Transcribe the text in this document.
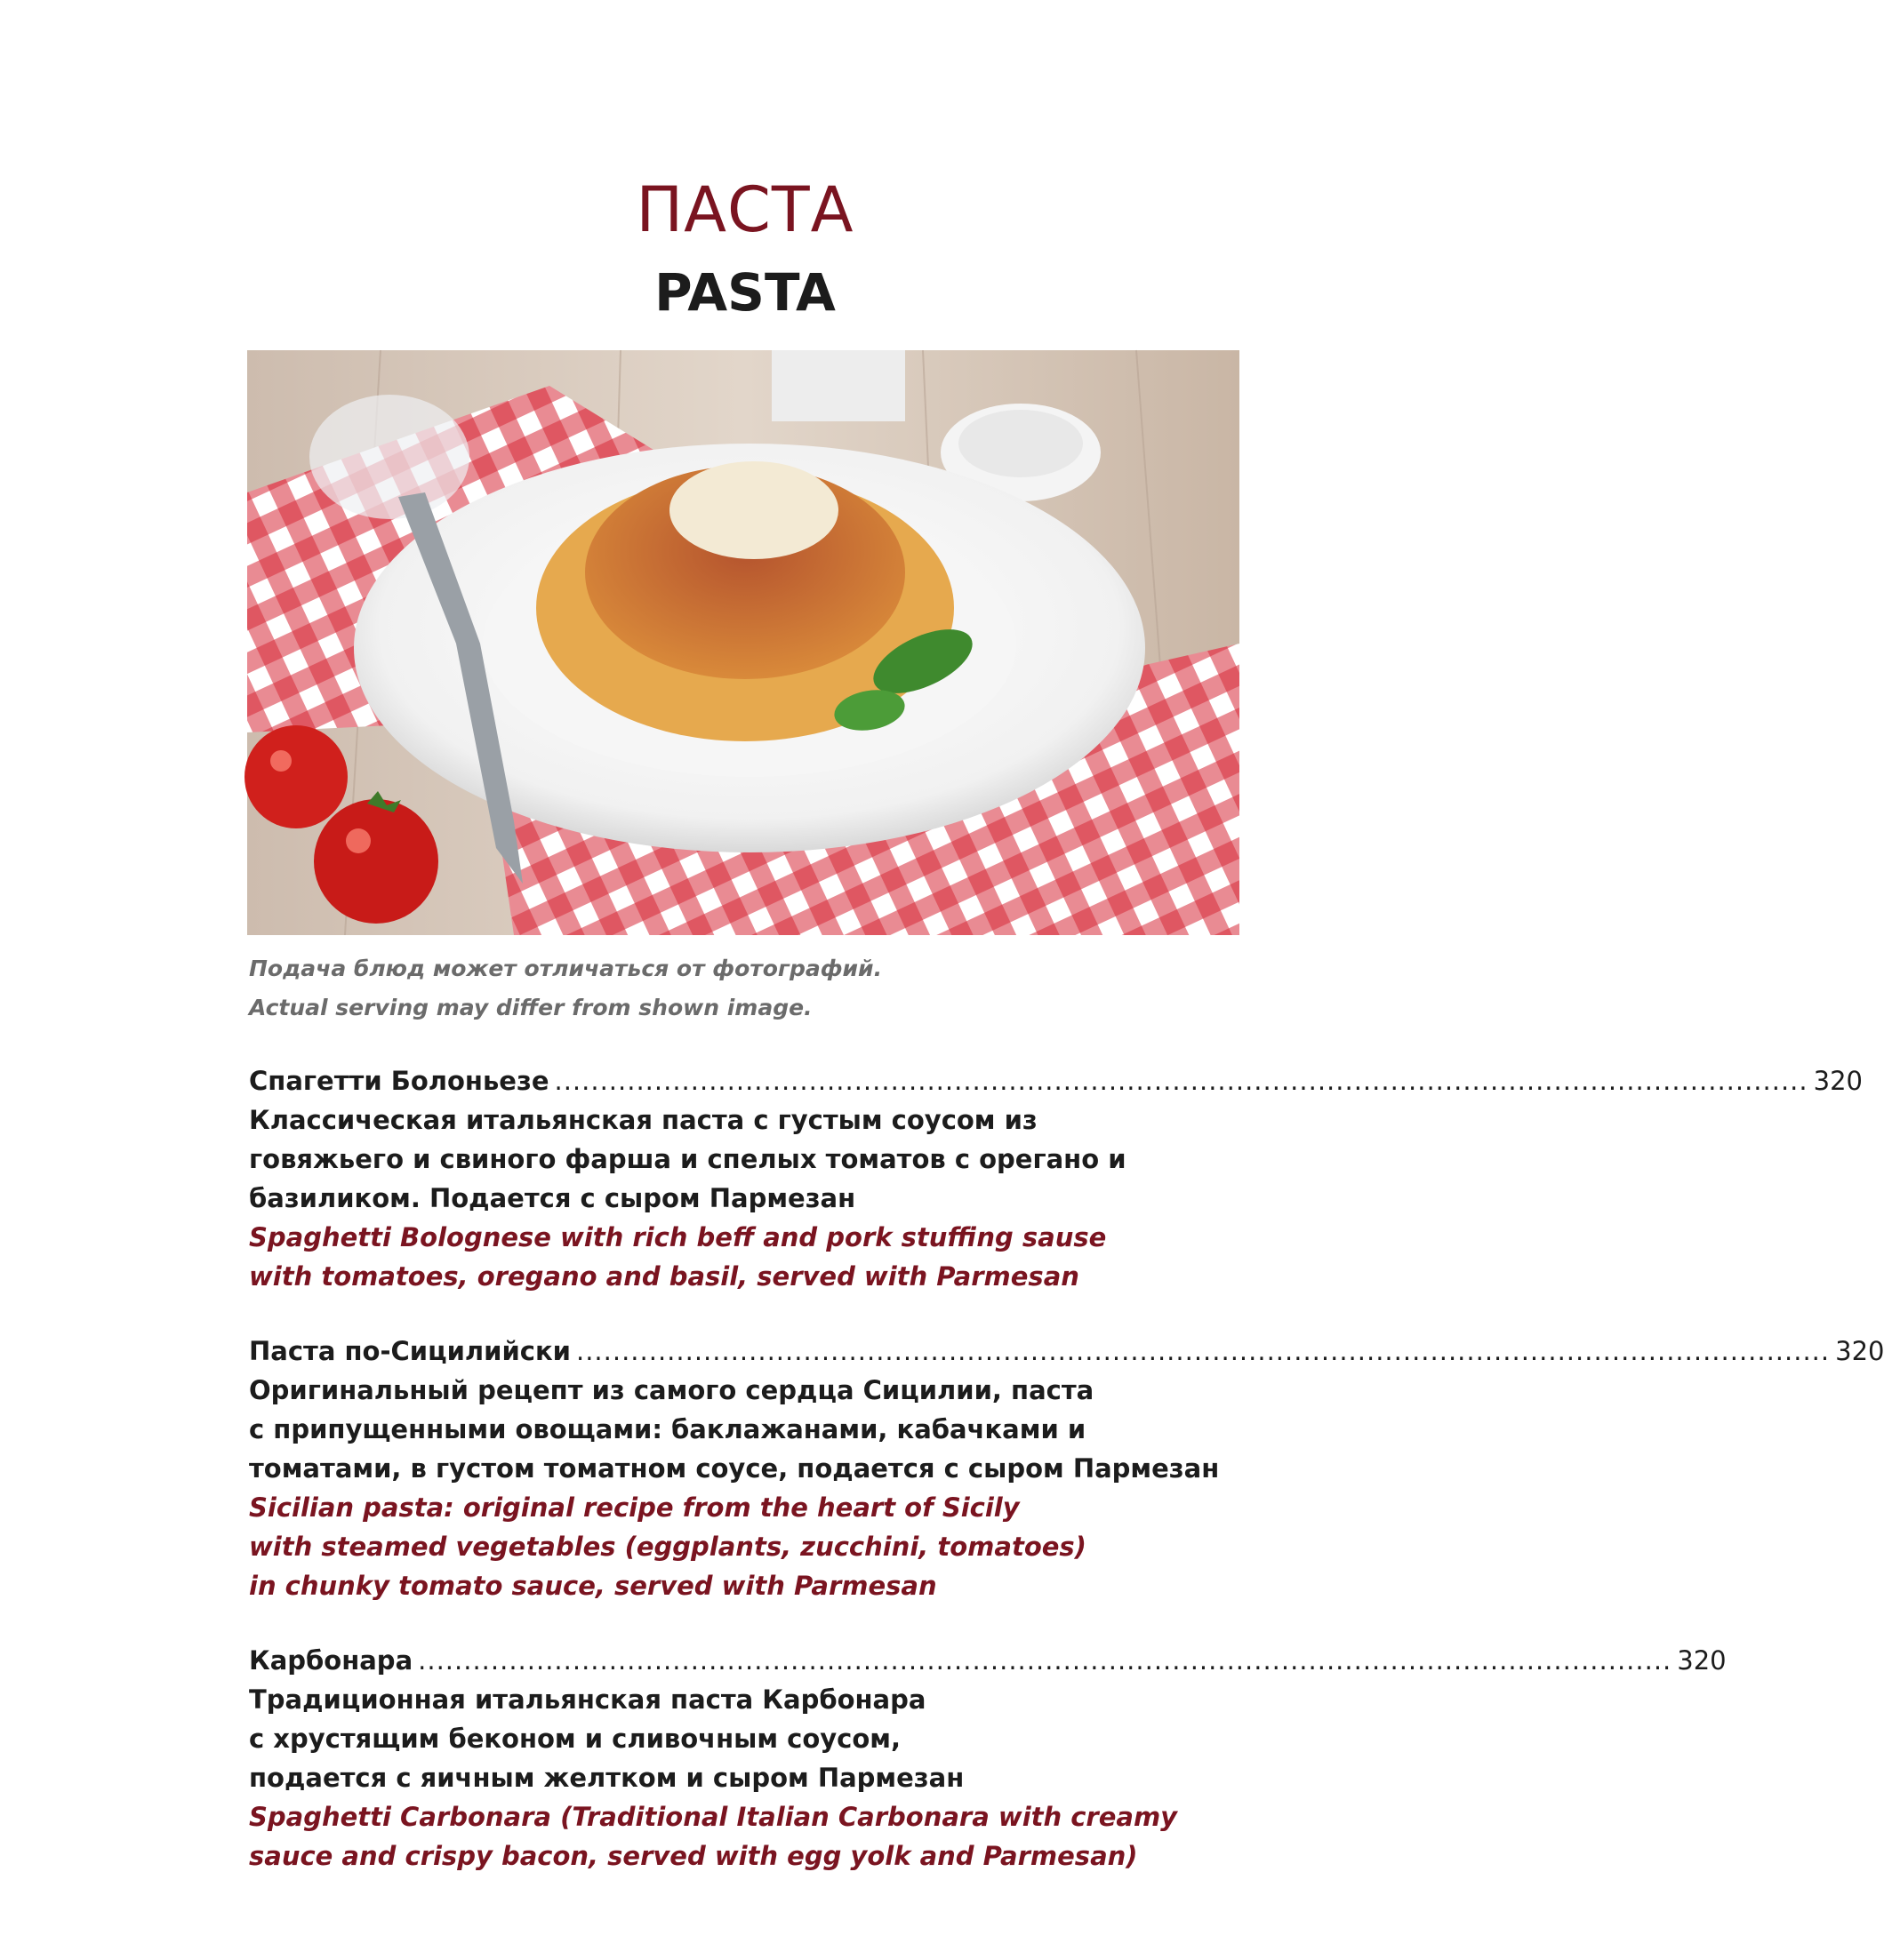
ПАСТА
PASTA
Подача блюд может отличаться от фотографий.
Actual serving may differ from shown image.
Спагетти Болоньезе .......................................................................................................................................... 320
Классическая итальянская паста с густым соусом из
говяжьего и свиного фарша и спелых томатов с орегано и
базиликом. Подается с сыром Пармезан
Spaghetti Bolognese with rich beff and pork stuffing sause
with tomatoes, oregano and basil, served with Parmesan
Паста по-Сицилийски .......................................................................................................................................... 320
Оригинальный рецепт из самого сердца Сицилии, паста
с припущенными овощами: баклажанами, кабачками и
томатами, в густом томатном соусе, подается с сыром Пармезан
Sicilian pasta: original recipe from the heart of Sicily
with steamed vegetables (eggplants, zucchini, tomatoes)
in chunky tomato sauce, served with Parmesan
Карбонара .......................................................................................................................................... 320
Традиционная итальянская паста Карбонара
с хрустящим беконом и сливочным соусом,
подается с яичным желтком и сыром Пармезан
Spaghetti Carbonara (Traditional Italian Carbonara with creamy
sauce and crispy bacon, served with egg yolk and Parmesan)
